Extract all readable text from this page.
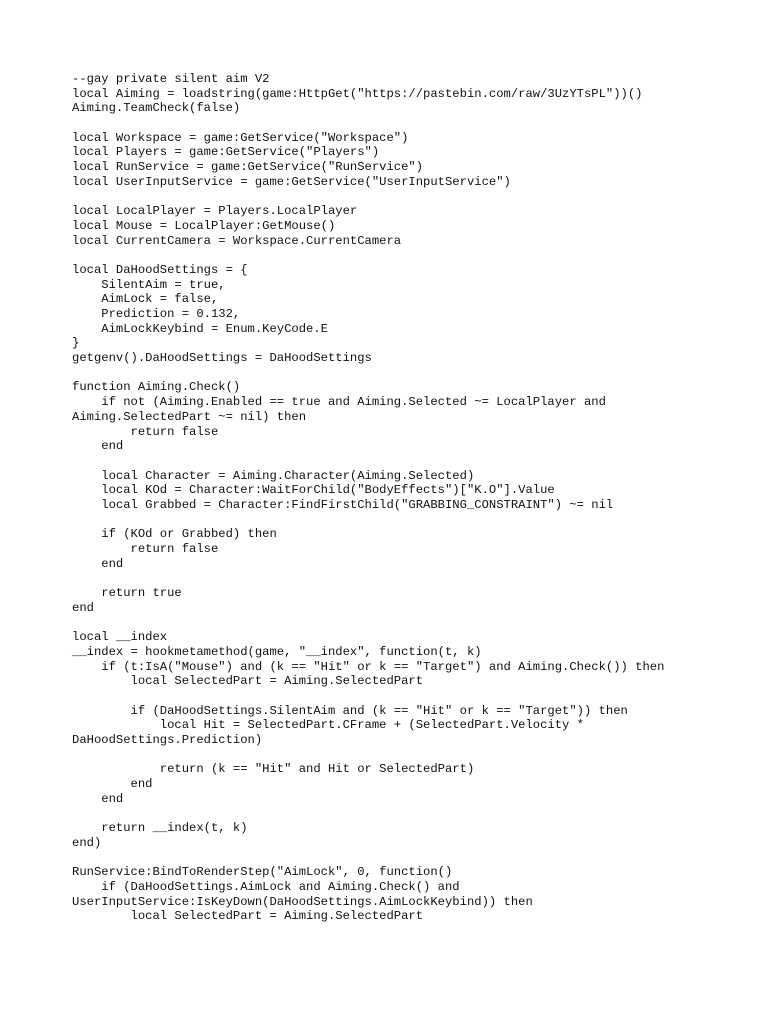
--gay private silent aim V2
local Aiming = loadstring(game:HttpGet("https://pastebin.com/raw/3UzYTsPL"))()
Aiming.TeamCheck(false)
local Workspace = game:GetService("Workspace")
local Players = game:GetService("Players")
local RunService = game:GetService("RunService")
local UserInputService = game:GetService("UserInputService")
local LocalPlayer = Players.LocalPlayer
local Mouse = LocalPlayer:GetMouse()
local CurrentCamera = Workspace.CurrentCamera
local DaHoodSettings = {
SilentAim = true,
AimLock = false,
Prediction = 0.132,
AimLockKeybind = Enum.KeyCode.E
}
getgenv().DaHoodSettings = DaHoodSettings
function Aiming.Check()
if not (Aiming.Enabled == true and Aiming.Selected ~= LocalPlayer and
Aiming.SelectedPart ~= nil) then
return false
end
local Character = Aiming.Character(Aiming.Selected)
local KOd = Character:WaitForChild("BodyEffects")["K.O"].Value
local Grabbed = Character:FindFirstChild("GRABBING_CONSTRAINT") ~= nil
if (KOd or Grabbed) then
return false
end
return true
end
local __index
__index = hookmetamethod(game, "__index", function(t, k)
if (t:IsA("Mouse") and (k == "Hit" or k == "Target") and Aiming.Check()) then
local SelectedPart = Aiming.SelectedPart
if (DaHoodSettings.SilentAim and (k == "Hit" or k == "Target")) then
local Hit = SelectedPart.CFrame + (SelectedPart.Velocity *
DaHoodSettings.Prediction)
return (k == "Hit" and Hit or SelectedPart)
end
end
return __index(t, k)
end)
RunService:BindToRenderStep("AimLock", 0, function()
if (DaHoodSettings.AimLock and Aiming.Check() and
UserInputService:IsKeyDown(DaHoodSettings.AimLockKeybind)) then
local SelectedPart = Aiming.SelectedPart
